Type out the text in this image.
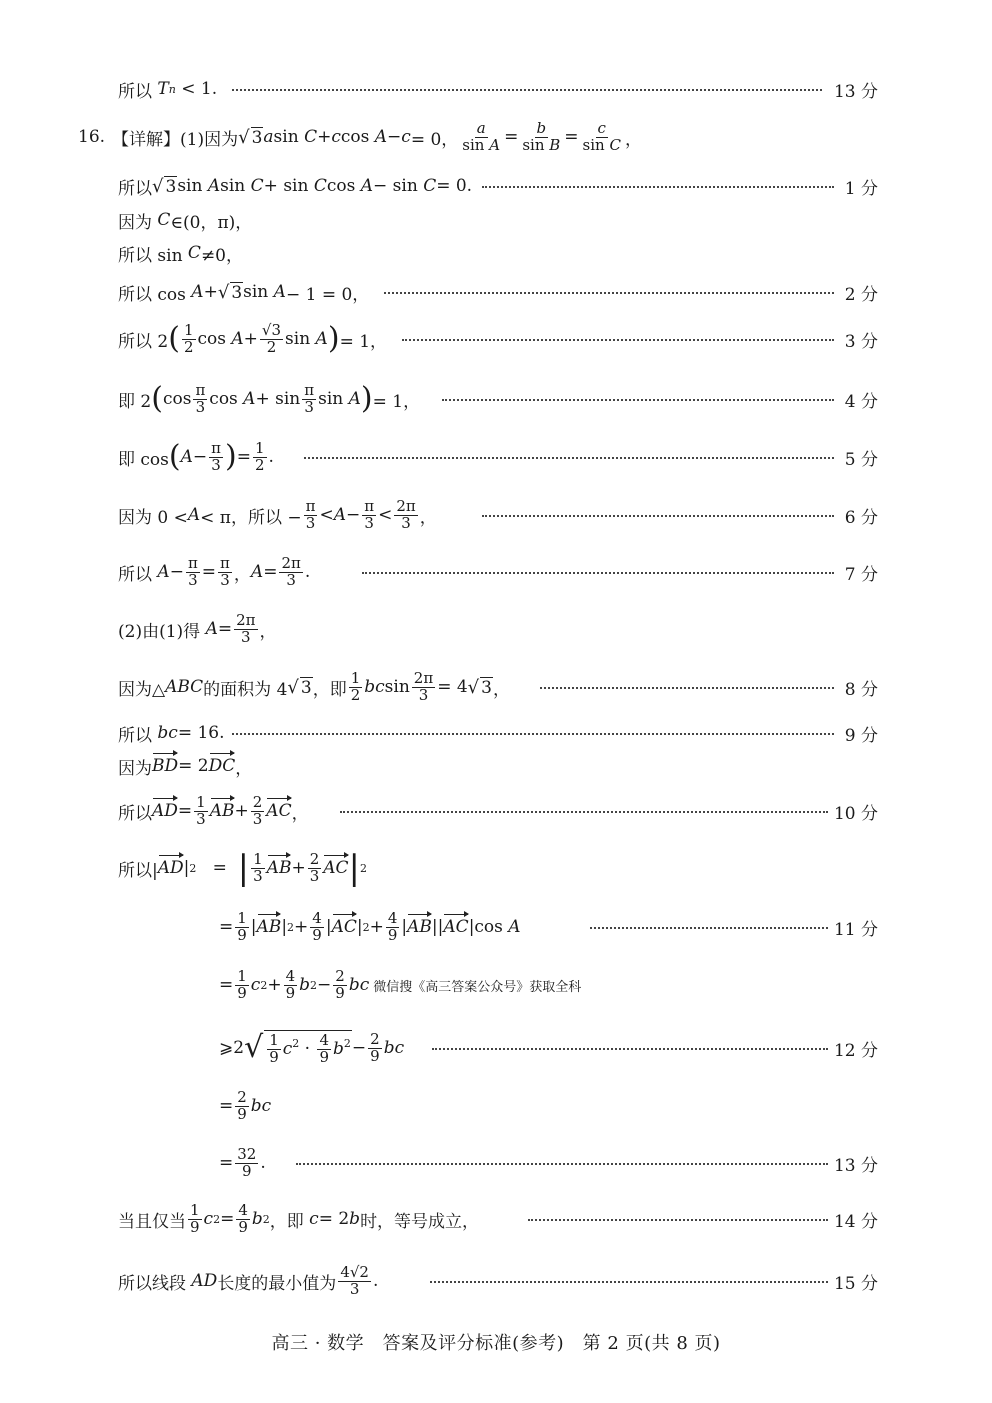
所以 T n < 1.	13 分
16. 【详解】(1)因为 √ 3 a sin C + c cos A − c = 0，
a
sin A = b
sin B = c
sin C ，
所以 √ 3 sin A sin C + sin C cos A − sin C = 0.	1 分
因为 C ∈(0，π)，
所以 sin C ≠0，
所以 cos A + √ 3 sin A − 1 = 0，	2 分
所以 2 ( 1
2 cos A + √3
2 sin A ) = 1，	3 分
即 2 ( cos π
3 cos A + sin π
3 sin A ) = 1，	4 分
即 cos ( A − π
3 ) = 1
2 .	5 分
因为 0 < A < π，所以 −
π
3 < A − π
3 < 2π
3 ，	6 分
所以 A − π
3 = π
3 ， A = 2π
3 .	7 分
(2)由(1)得 A = 2π
3 ，
因为△ ABC 的面积为 4 √ 3 ，即
1
2 bc sin 2π
3 = 4 √ 3 ，	8 分
所以 bc = 16.	9 分
因为 BD = 2 DC ，
所以 AD = 1
3 AB + 2
3 AC ，	10 分
所以| AD | 2 = | 1
3 AB + 2
3 AC | 2
= 1
9 | AB | 2 + 4
9 | AC | 2 + 4
9 | AB || AC |cos A	11 分
= 1
9 c 2 + 4
9 b 2 − 2
9 bc 微信搜《高三答案公众号》获取全科
⩾2 √ $\frac{1}{9} c^2 \cdot \frac{4}{9} b^2 - 2$
9 bc	12 分
= 2
9 bc
= 32
9 .	13 分
当且仅当
1
9 c 2 = 4
9 b 2 ，即 c = 2 b 时，等号成立，	14 分
所以线段 AD 长度的最小值为
4√2
3 .	15 分
高三 · 数学　答案及评分标准(参考)　第 2 页(共 8 页)
